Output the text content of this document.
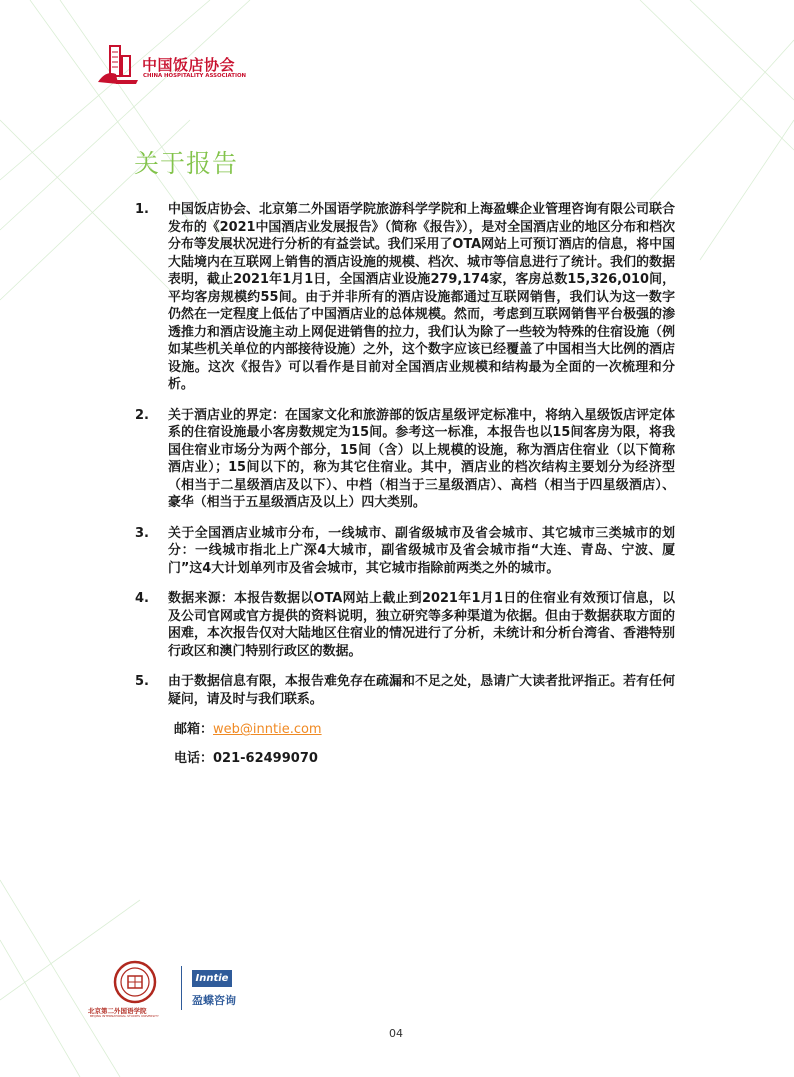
中国饭店协会
CHINA HOSPITALITY ASSOCIATION
关于报告
1. 中国饭店协会、北京第二外国语学院旅游科学学院和上海盈蝶企业管理咨询有限公司联合发布的《2021中国酒店业发展报告》（简称《报告》），是对全国酒店业的地区分布和档次分布等发展状况进行分析的有益尝试。我们采用了OTA网站上可预订酒店的信息，将中国大陆境内在互联网上销售的酒店设施的规模、档次、城市等信息进行了统计。我们的数据表明，截止2021年1月1日，全国酒店业设施279,174家，客房总数15,326,010间，平均客房规模约55间。由于并非所有的酒店设施都通过互联网销售，我们认为这一数字仍然在一定程度上低估了中国酒店业的总体规模。然而，考虑到互联网销售平台极强的渗透推力和酒店设施主动上网促进销售的拉力，我们认为除了一些较为特殊的住宿设施（例如某些机关单位的内部接待设施）之外，这个数字应该已经覆盖了中国相当大比例的酒店设施。这次《报告》可以看作是目前对全国酒店业规模和结构最为全面的一次梳理和分析。
2. 关于酒店业的界定：在国家文化和旅游部的饭店星级评定标准中，将纳入星级饭店评定体系的住宿设施最小客房数规定为15间。参考这一标准，本报告也以15间客房为限，将我国住宿业市场分为两个部分，15间（含）以上规模的设施，称为酒店住宿业（以下简称酒店业）；15间以下的，称为其它住宿业。其中，酒店业的档次结构主要划分为经济型（相当于二星级酒店及以下）、中档（相当于三星级酒店）、高档（相当于四星级酒店）、豪华（相当于五星级酒店及以上）四大类别。
3. 关于全国酒店业城市分布，一线城市、副省级城市及省会城市、其它城市三类城市的划分：一线城市指北上广深4大城市，副省级城市及省会城市指“大连、青岛、宁波、厦门”这4大计划单列市及省会城市，其它城市指除前两类之外的城市。
4. 数据来源：本报告数据以OTA网站上截止到2021年1月1日的住宿业有效预订信息，以及公司官网或官方提供的资料说明，独立研究等多种渠道为依据。但由于数据获取方面的困难，本次报告仅对大陆地区住宿业的情况进行了分析，未统计和分析台湾省、香港特别行政区和澳门特别行政区的数据。
5. 由于数据信息有限，本报告难免存在疏漏和不足之处，恳请广大读者批评指正。若有任何疑问，请及时与我们联系。
邮箱：web@inntie.com
电话：021-62499070
北京第二外国语学院
BEIJING INTERNATIONAL STUDIES UNIVERSITY
Inntie
盈蝶咨询
04
